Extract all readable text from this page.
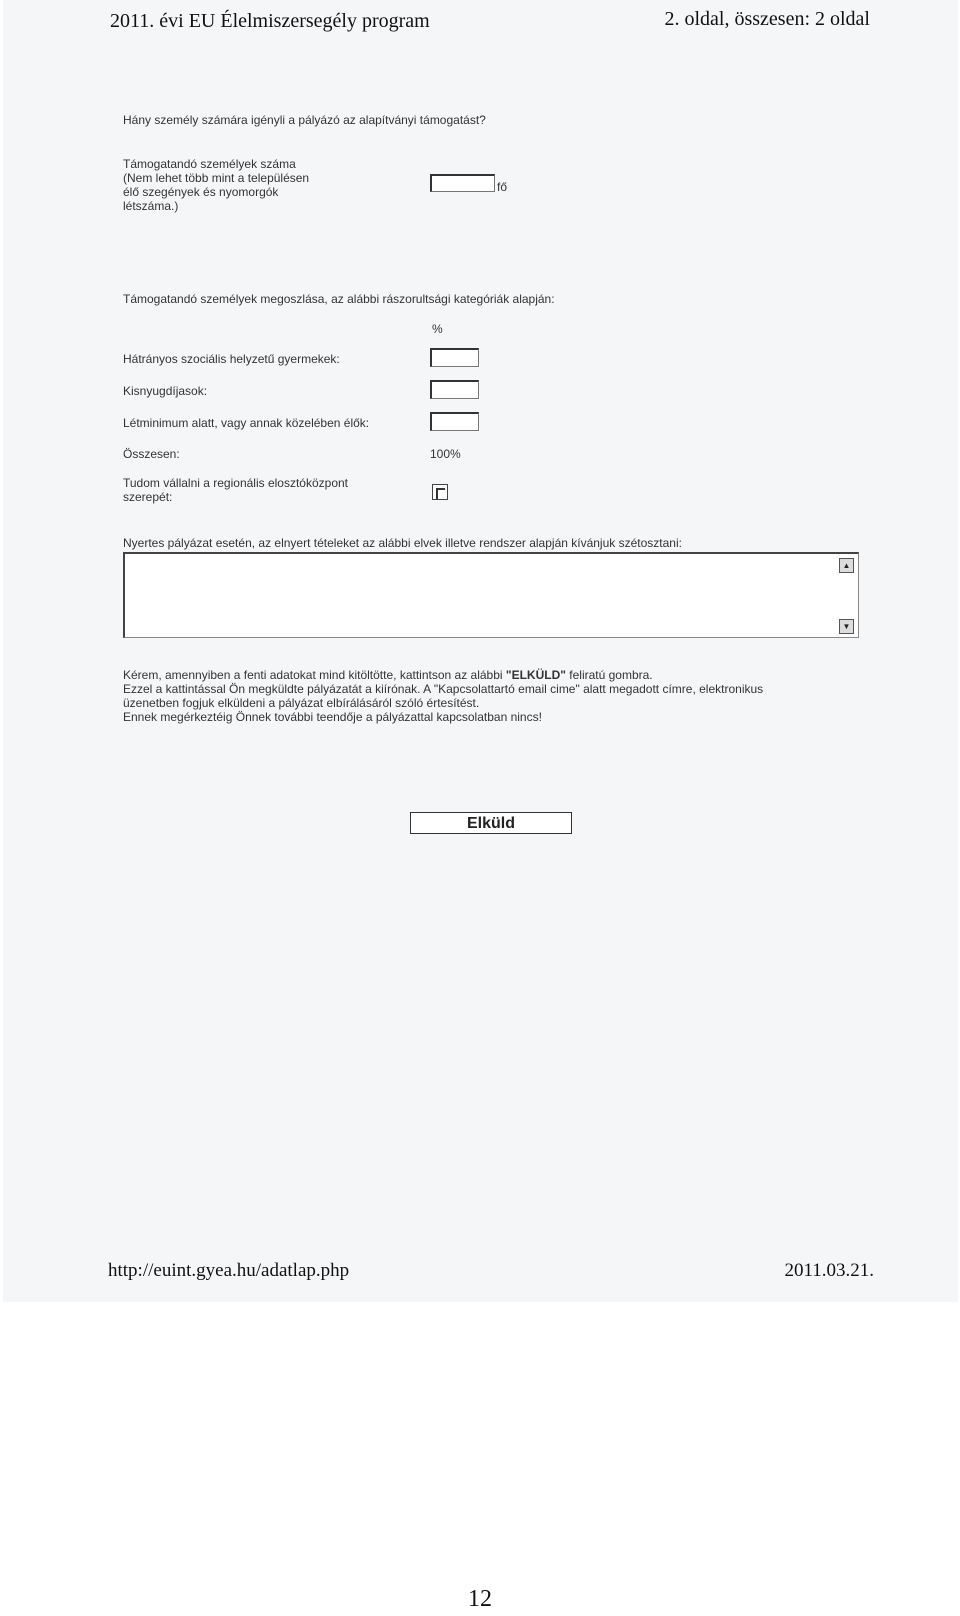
2011. évi EU Élelmiszersegély program	2. oldal, összesen: 2 oldal
Hány személy számára igényli a pályázó az alapítványi támogatást?
Támogatandó személyek száma
(Nem lehet több mint a településen
élő szegények és nyomorgók
létszáma.)
fő
Támogatandó személyek megoszlása, az alábbi rászorultsági kategóriák alapján:
%
Hátrányos szociális helyzetű gyermekek:
Kisnyugdíjasok:
Létminimum alatt, vagy annak közelében élők:
Összesen:	100%
Tudom vállalni a regionális elosztóközpont
szerepét:
Nyertes pályázat esetén, az elnyert tételeket az alábbi elvek illetve rendszer alapján kívánjuk szétosztani:
▲
▼
Kérem, amennyiben a fenti adatokat mind kitöltötte, kattintson az alábbi "ELKÜLD" feliratú gombra.
Ezzel a kattintással Ön megküldte pályázatát a kiírónak. A "Kapcsolattartó email cime" alatt megadott címre, elektronikus
üzenetben fogjuk elküldeni a pályázat elbírálásáról szóló értesítést.
Ennek megérkeztéig Önnek további teendője a pályázattal kapcsolatban nincs!
Elküld
http://euint.gyea.hu/adatlap.php	2011.03.21.
12
